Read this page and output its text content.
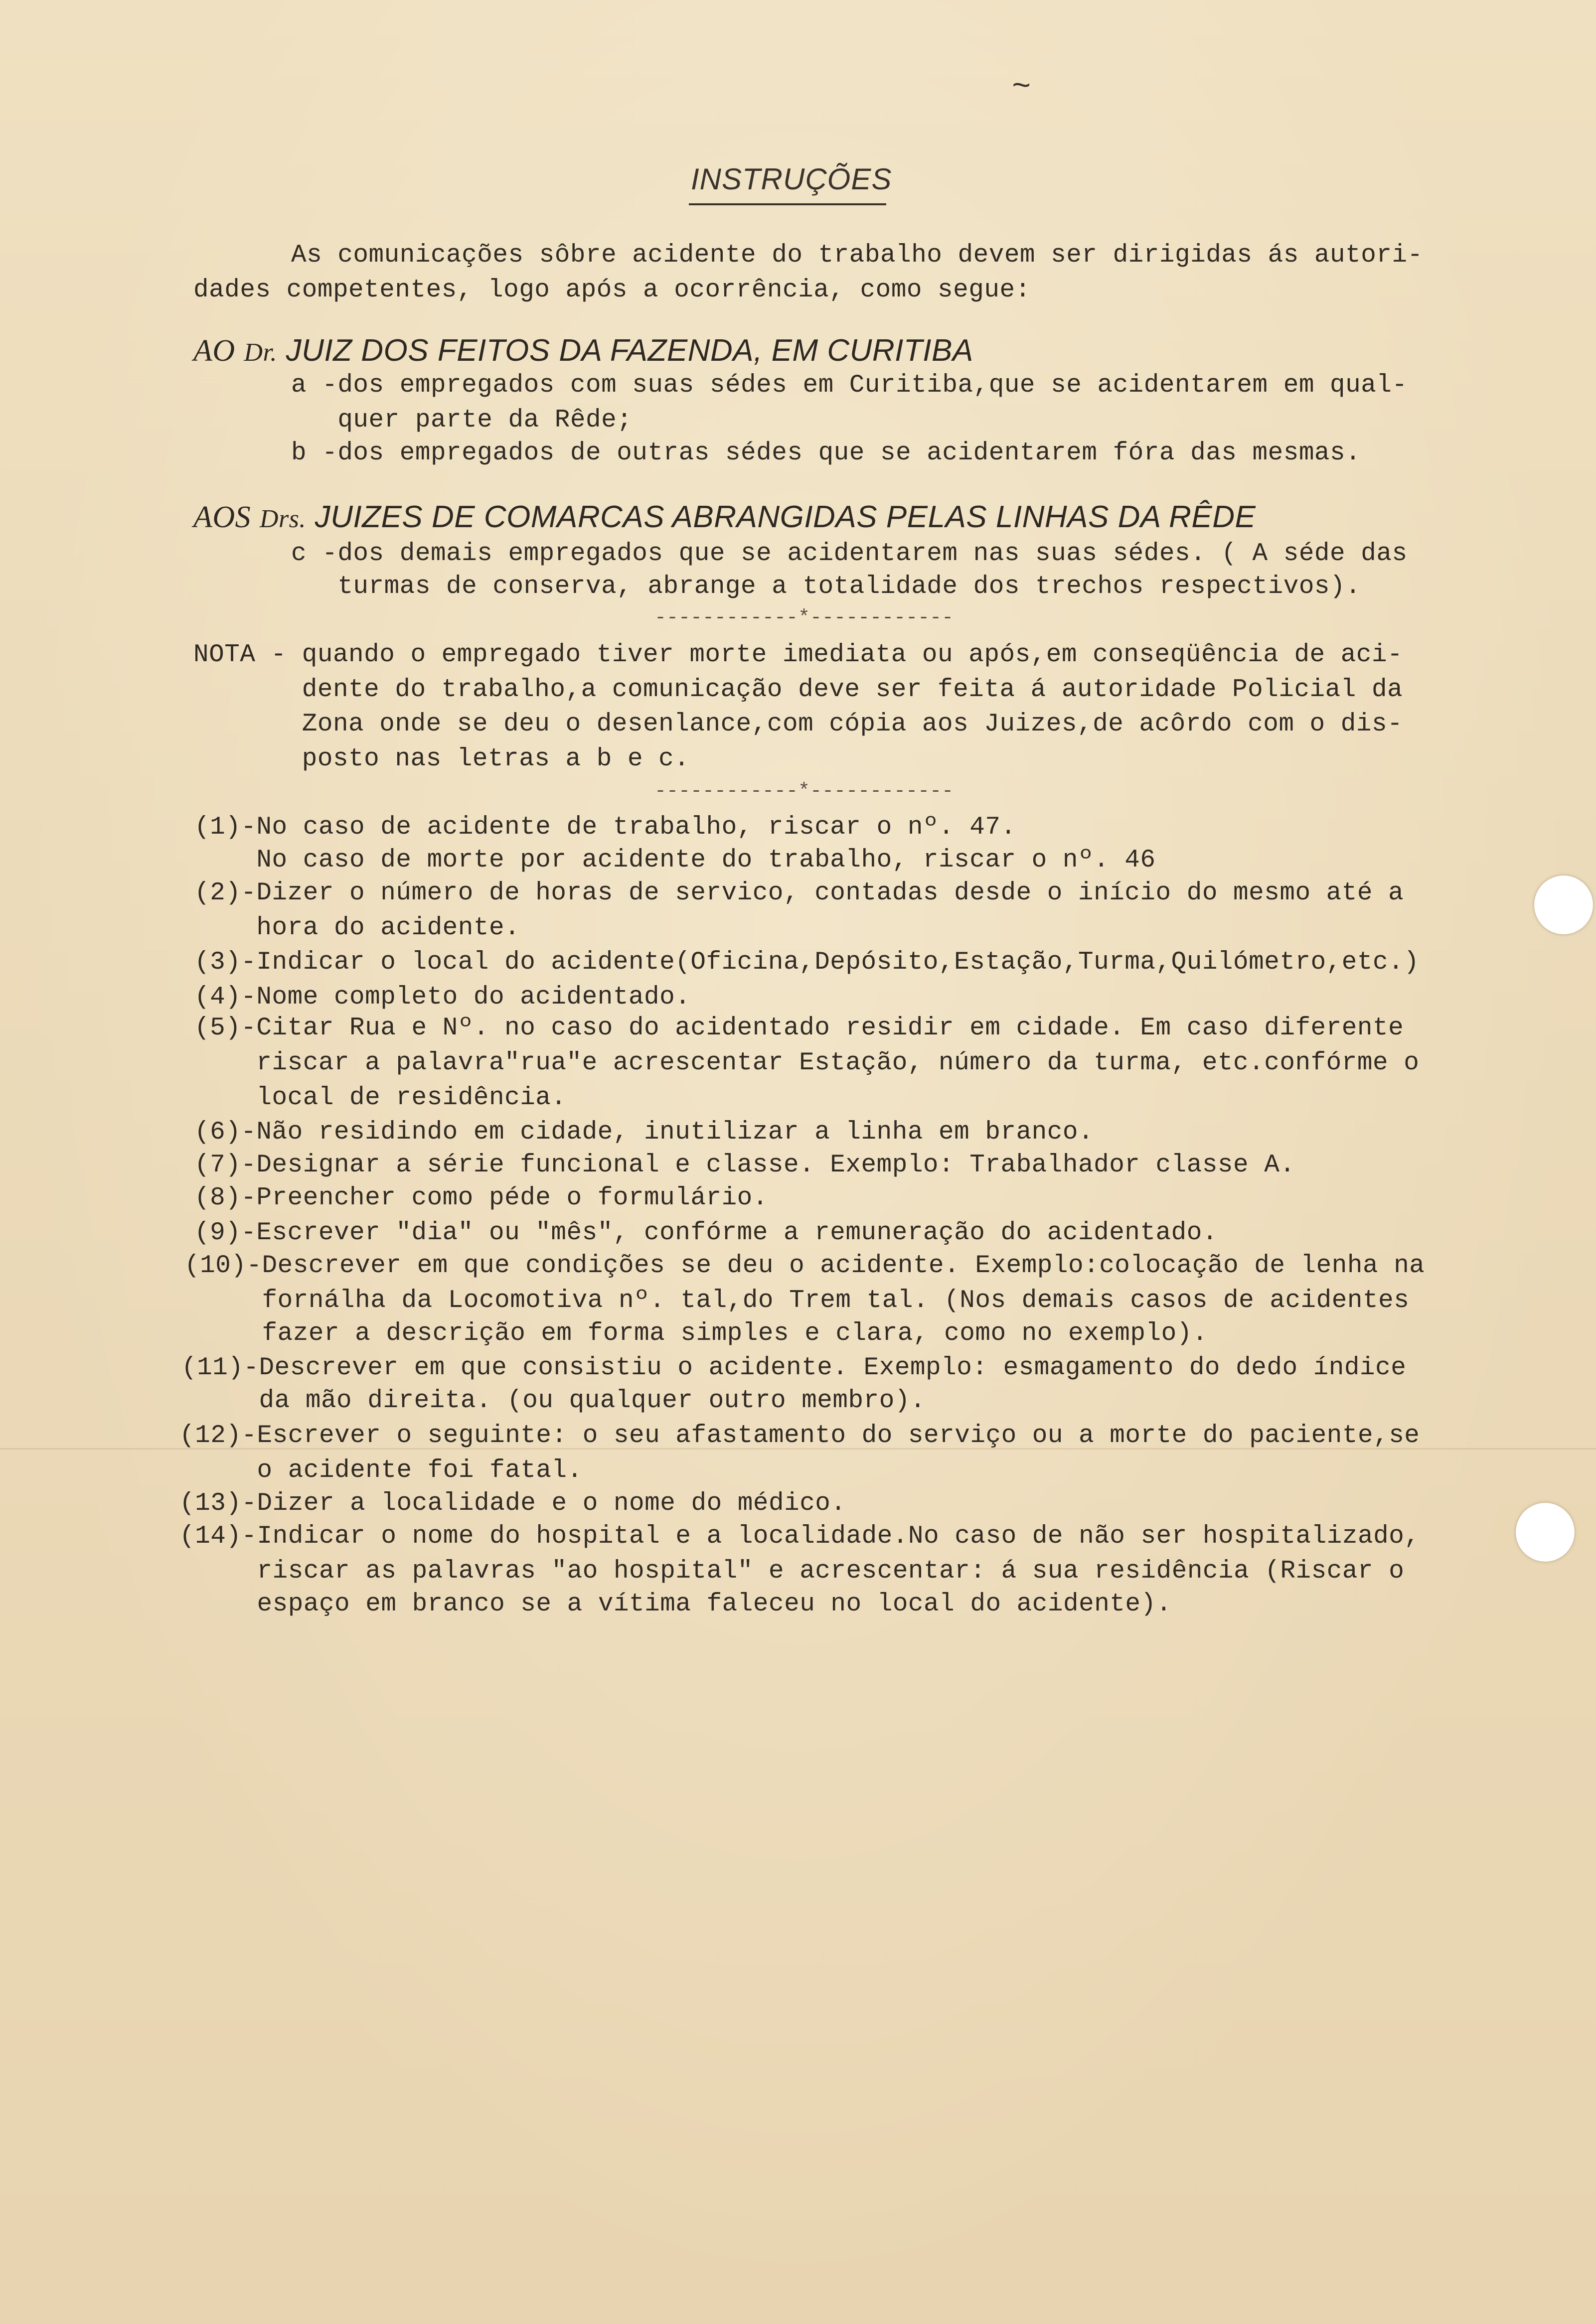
~
INSTRUÇÕES
As comunicações sôbre acidente do trabalho devem ser dirigidas ás autori-
dades competentes, logo após a ocorrência, como segue:
AO Dr. JUIZ DOS FEITOS DA FAZENDA, EM CURITIBA
a -dos empregados com suas sédes em Curitiba,que se acidentarem em qual-
quer parte da Rêde;
b -dos empregados de outras sédes que se acidentarem fóra das mesmas.
AOS Drs. JUIZES DE COMARCAS ABRANGIDAS PELAS LINHAS DA RÊDE
c -dos demais empregados que se acidentarem nas suas sédes. ( A séde das
turmas de conserva, abrange a totalidade dos trechos respectivos).
------------*------------
NOTA - quando o empregado tiver morte imediata ou após,em conseqüência de aci-
dente do trabalho,a comunicação deve ser feita á autoridade Policial da
Zona onde se deu o desenlance,com cópia aos Juizes,de acôrdo com o dis-
posto nas letras a b e c.
------------*------------
(1)-No caso de acidente de trabalho, riscar o nº. 47.
No caso de morte por acidente do trabalho, riscar o nº. 46
(2)-Dizer o número de horas de servico, contadas desde o início do mesmo até a
hora do acidente.
(3)-Indicar o local do acidente(Oficina,Depósito,Estação,Turma,Quilómetro,etc.)
(4)-Nome completo do acidentado.
(5)-Citar Rua e Nº. no caso do acidentado residir em cidade. Em caso diferente
riscar a palavra"rua"e acrescentar Estação, número da turma, etc.confórme o
local de residência.
(6)-Não residindo em cidade, inutilizar a linha em branco.
(7)-Designar a série funcional e classe. Exemplo: Trabalhador classe A.
(8)-Preencher como péde o formulário.
(9)-Escrever "dia" ou "mês", confórme a remuneração do acidentado.
(10)-Descrever em que condições se deu o acidente. Exemplo:colocação de lenha na
fornálha da Locomotiva nº. tal,do Trem tal. (Nos demais casos de acidentes
fazer a descrição em forma simples e clara, como no exemplo).
(11)-Descrever em que consistiu o acidente. Exemplo: esmagamento do dedo índice
da mão direita. (ou qualquer outro membro).
(12)-Escrever o seguinte: o seu afastamento do serviço ou a morte do paciente,se
o acidente foi fatal.
(13)-Dizer a localidade e o nome do médico.
(14)-Indicar o nome do hospital e a localidade.No caso de não ser hospitalizado,
riscar as palavras "ao hospital" e acrescentar: á sua residência (Riscar o
espaço em branco se a vítima faleceu no local do acidente).
